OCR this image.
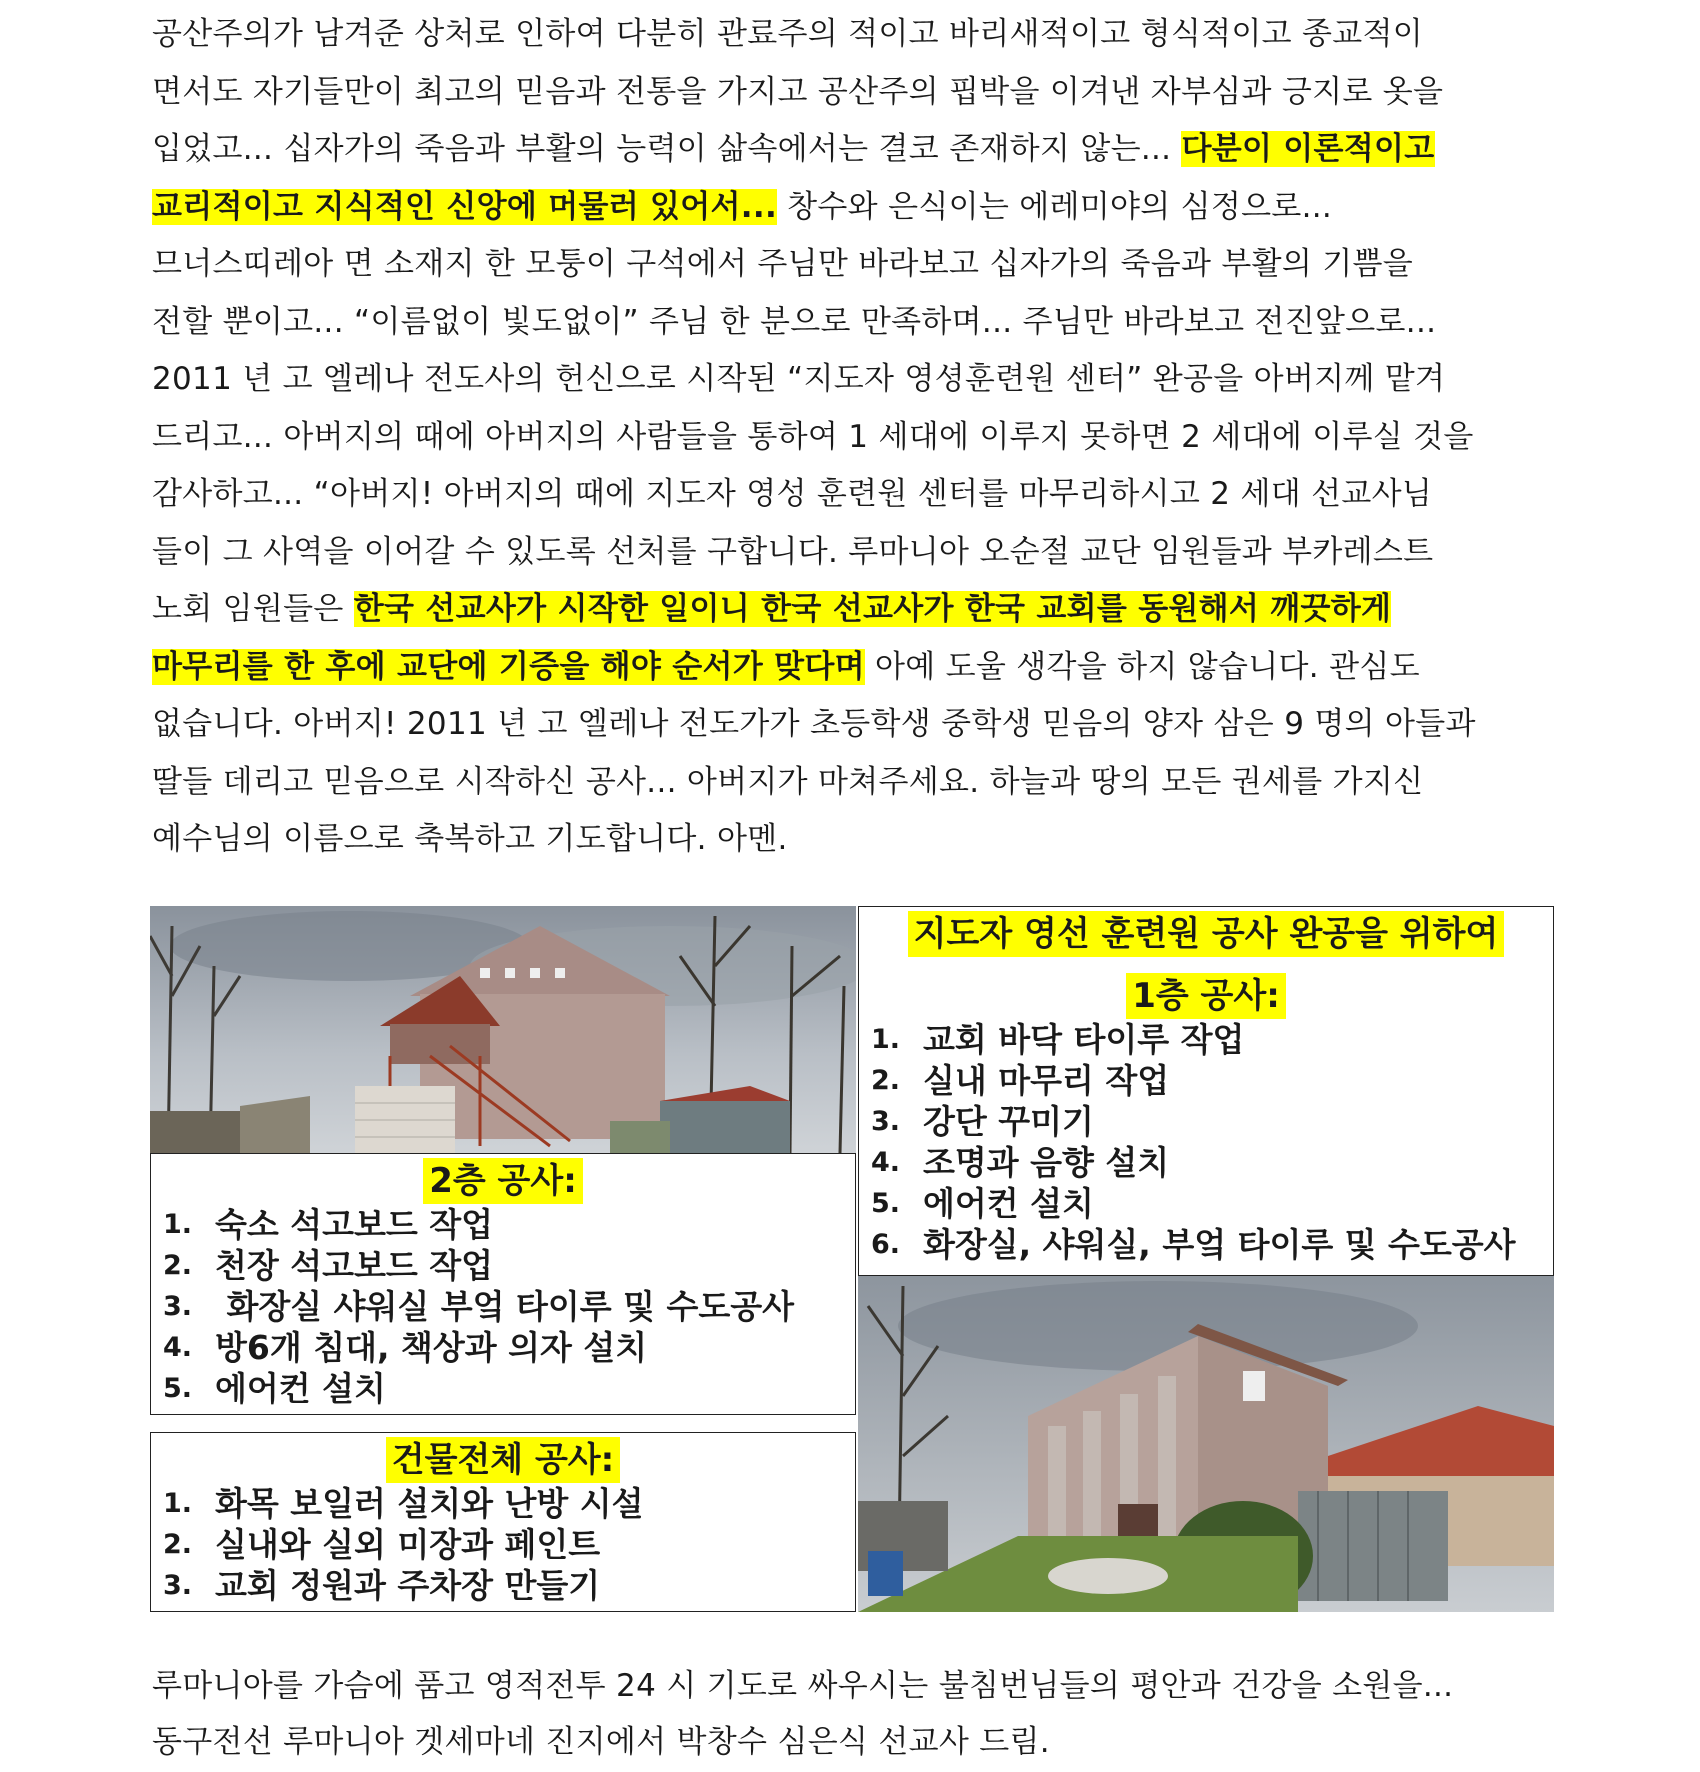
공산주의가 남겨준 상처로 인하여 다분히 관료주의 적이고 바리새적이고 형식적이고 종교적이
면서도 자기들만이 최고의 믿음과 전통을 가지고 공산주의 핍박을 이겨낸 자부심과 긍지로 옷을
입었고... 십자가의 죽음과 부활의 능력이 삶속에서는 결코 존재하지 않는... 다분이 이론적이고
교리적이고 지식적인 신앙에 머물러 있어서... 창수와 은식이는 에레미야의 심정으로...
므너스띠레아 면 소재지 한 모퉁이 구석에서 주님만 바라보고 십자가의 죽음과 부활의 기쁨을
전할 뿐이고... “이름없이 빛도없이” 주님 한 분으로 만족하며... 주님만 바라보고 전진앞으로...
2011 년 고 엘레나 전도사의 헌신으로 시작된 “지도자 영셩훈련원 센터” 완공을 아버지께 맡겨
드리고... 아버지의 때에 아버지의 사람들을 통하여 1 세대에 이루지 못하면 2 세대에 이루실 것을
감사하고... “아버지! 아버지의 때에 지도자 영성 훈련원 센터를 마무리하시고 2 세대 선교사님
들이 그 사역을 이어갈 수 있도록 선처를 구합니다. 루마니아 오순절 교단 임원들과 부카레스트
노회 임원들은 한국 선교사가 시작한 일이니 한국 선교사가 한국 교회를 동원해서 깨끗하게
마무리를 한 후에 교단에 기증을 해야 순서가 맞다며 아예 도울 생각을 하지 않습니다. 관심도
없습니다. 아버지! 2011 년 고 엘레나 전도가가 초등학생 중학생 믿음의 양자 삼은 9 명의 아들과
딸들 데리고 믿음으로 시작하신 공사... 아버지가 마쳐주세요. 하늘과 땅의 모든 권세를 가지신
예수님의 이름으로 축복하고 기도합니다. 아멘.
2층 공사:
1. 숙소 석고보드 작업
2. 천장 석고보드 작업
3. 화장실 샤워실 부엌 타이루 및 수도공사
4. 방6개 침대, 책상과 의자 설치
5. 에어컨 설치
건물전체 공사:
1. 화목 보일러 설치와 난방 시설
2. 실내와 실외 미장과 페인트
3. 교회 정원과 주차장 만들기
지도자 영선 훈련원 공사 완공을 위하여
1층 공사:
1. 교회 바닥 타이루 작업
2. 실내 마무리 작업
3. 강단 꾸미기
4. 조명과 음향 설치
5. 에어컨 설치
6. 화장실, 샤워실, 부엌 타이루 및 수도공사
루마니아를 가슴에 품고 영적전투 24 시 기도로 싸우시는 불침번님들의 평안과 건강을 소원을...
동구전선 루마니아 겟세마네 진지에서 박창수 심은식 선교사 드림.
